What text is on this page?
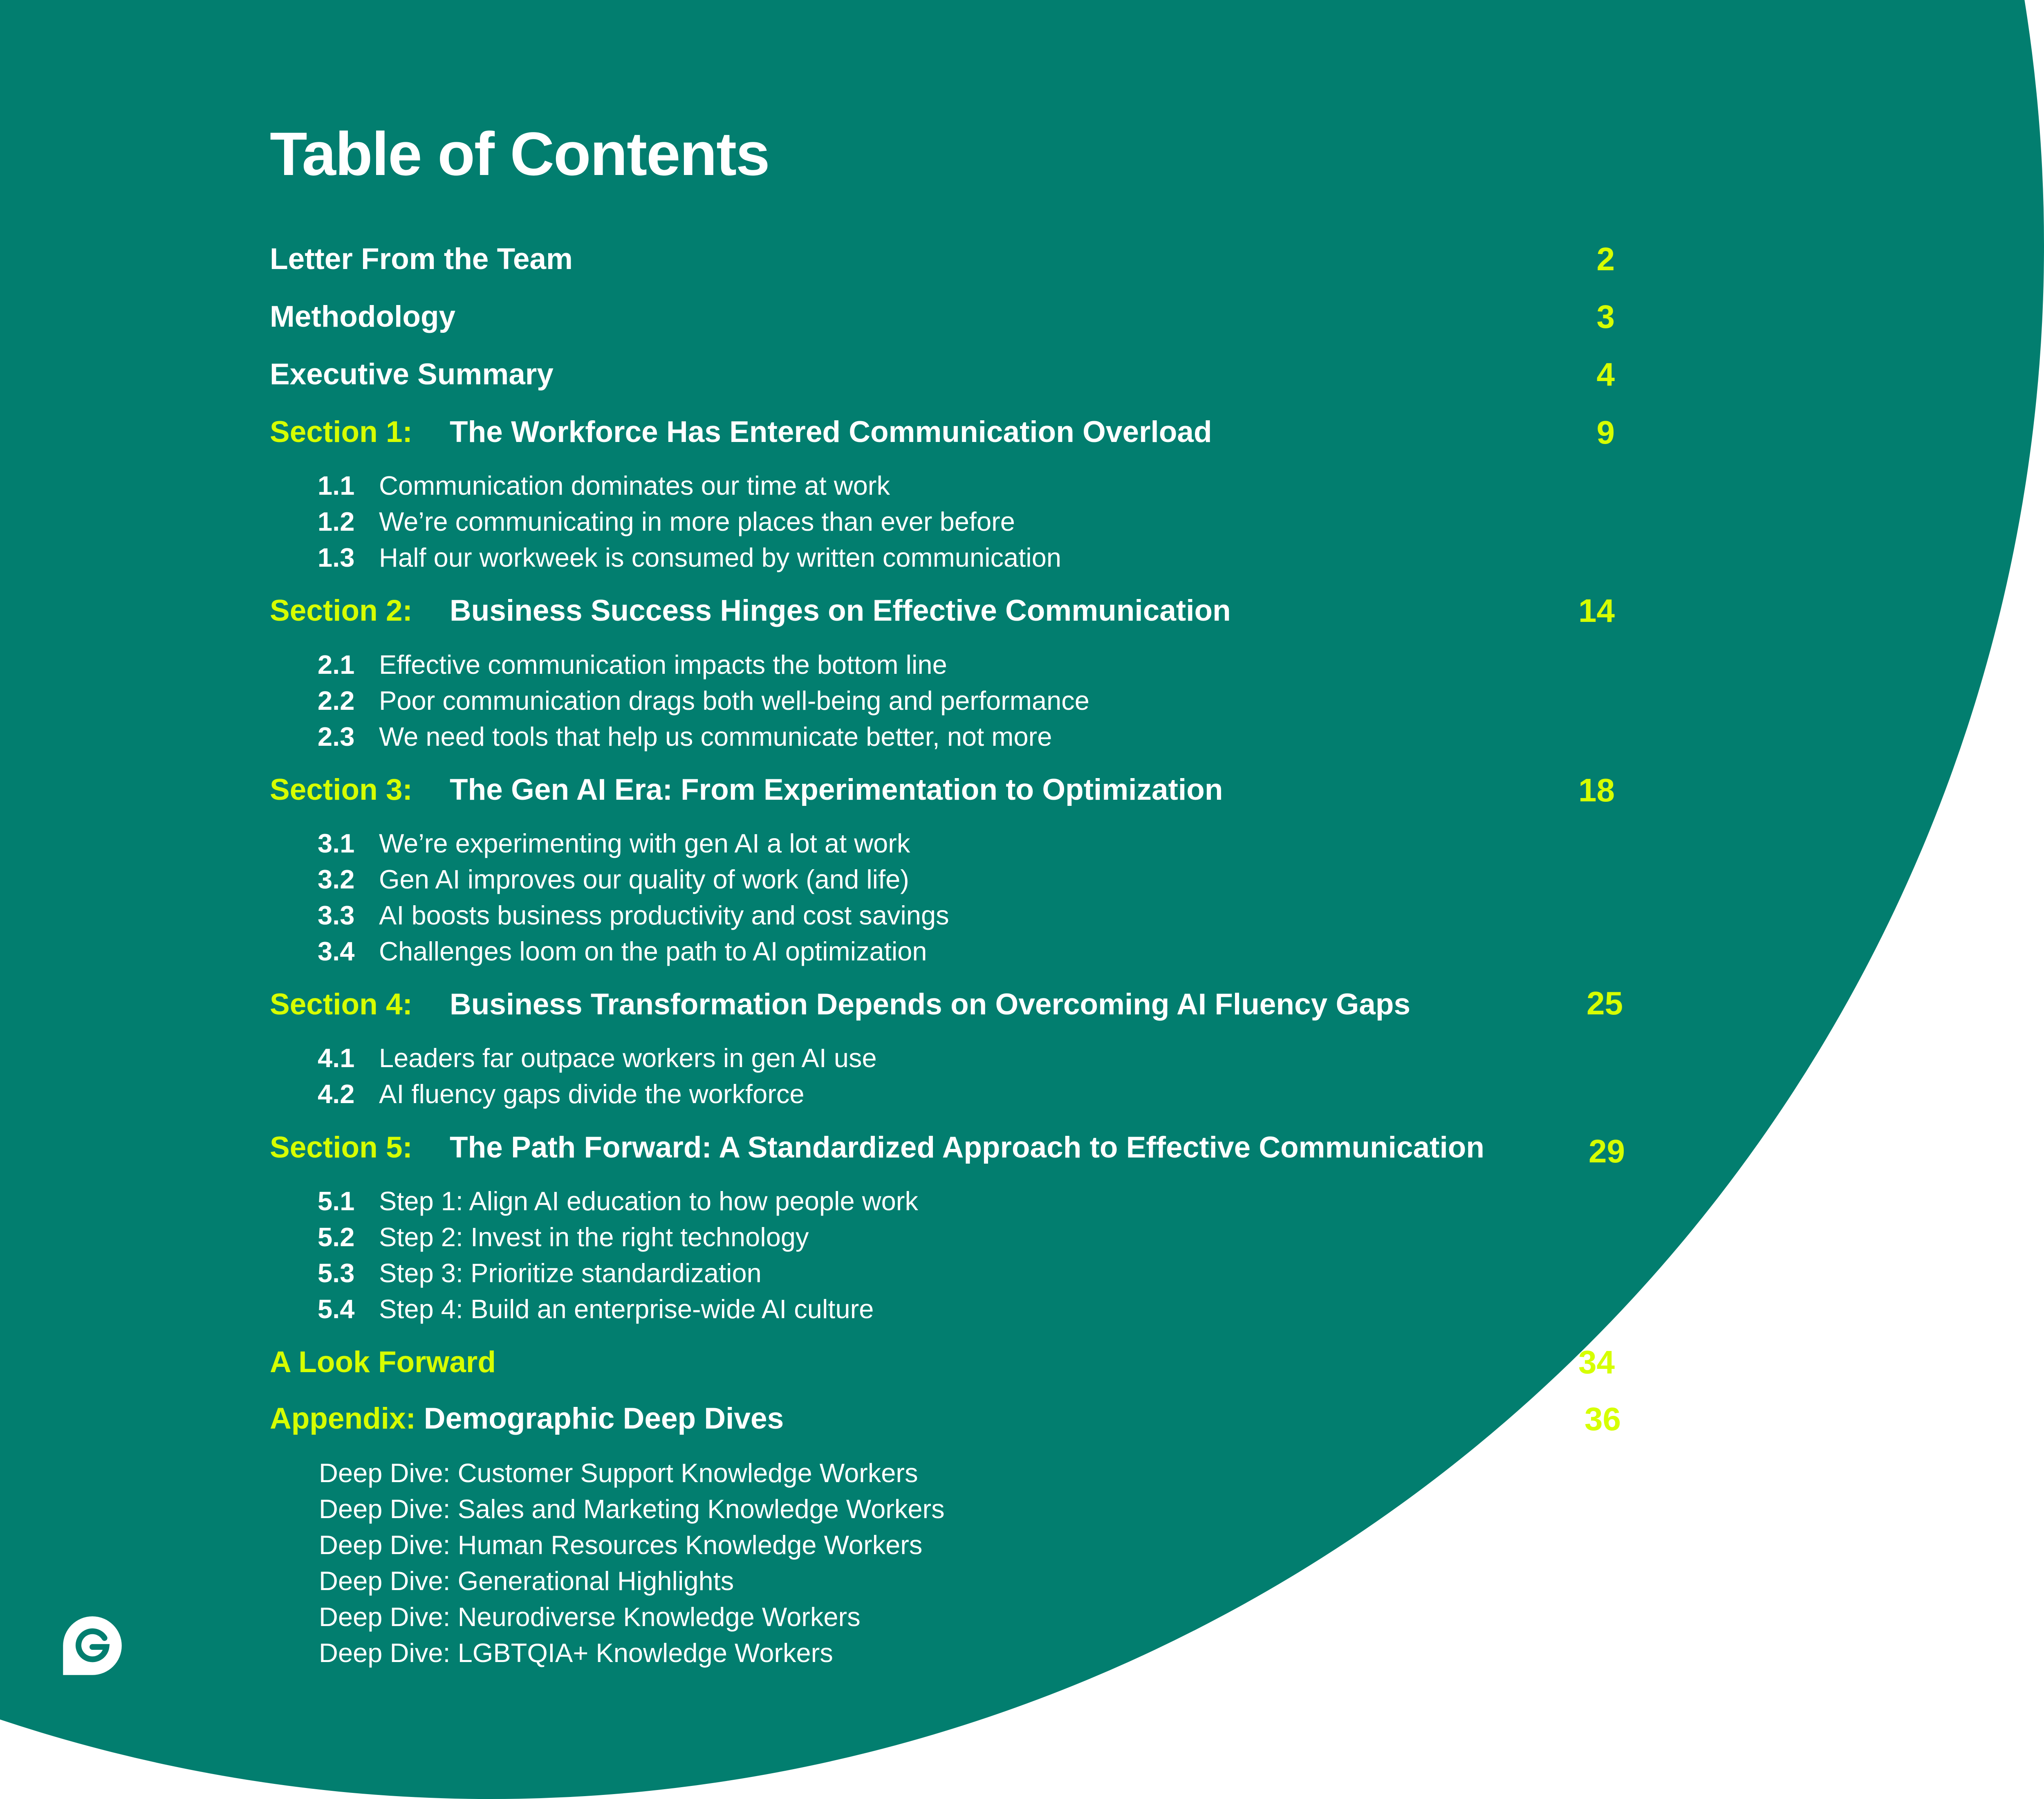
Table of Contents
Letter From the Team	2
Methodology	3
Executive Summary	4
Section 1: The Workforce Has Entered Communication Overload	9
1.1 Communication dominates our time at work
1.2 We’re communicating in more places than ever before
1.3 Half our workweek is consumed by written communication
Section 2: Business Success Hinges on Effective Communication	14
2.1 Effective communication impacts the bottom line
2.2 Poor communication drags both well-being and performance
2.3 We need tools that help us communicate better, not more
Section 3: The Gen AI Era: From Experimentation to Optimization	18
3.1 We’re experimenting with gen AI a lot at work
3.2 Gen AI improves our quality of work (and life)
3.3 AI boosts business productivity and cost savings
3.4 Challenges loom on the path to AI optimization
Section 4: Business Transformation Depends on Overcoming AI Fluency Gaps	25
4.1 Leaders far outpace workers in gen AI use
4.2 AI fluency gaps divide the workforce
Section 5: The Path Forward: A Standardized Approach to Effective Communication	29
5.1 Step 1: Align AI education to how people work
5.2 Step 2: Invest in the right technology
5.3 Step 3: Prioritize standardization
5.4 Step 4: Build an enterprise-wide AI culture
A Look Forward	34
Appendix: Demographic Deep Dives	36
Deep Dive: Customer Support Knowledge Workers
Deep Dive: Sales and Marketing Knowledge Workers
Deep Dive: Human Resources Knowledge Workers
Deep Dive: Generational Highlights
Deep Dive: Neurodiverse Knowledge Workers
Deep Dive: LGBTQIA+ Knowledge Workers
